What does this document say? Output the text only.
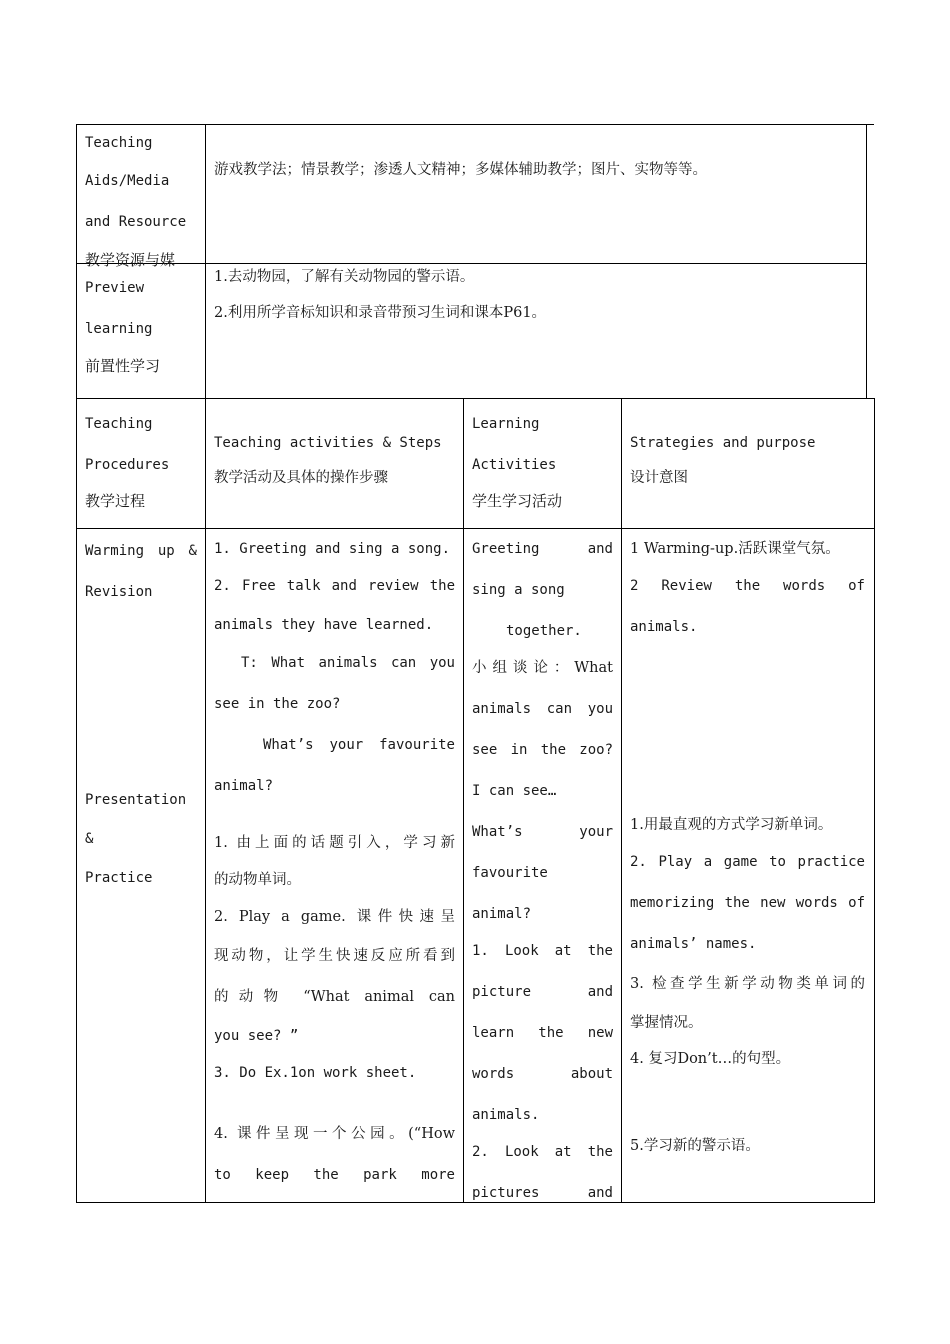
Teaching
Aids/Media
and Resource
教学资源与媒
游戏教学法；情景教学；渗透人文精神；多媒体辅助教学；图片、实物等等。
Preview
learning
前置性学习
1.去动物园，了解有关动物园的警示语。
2.利用所学音标知识和录音带预习生词和课本P61。
Teaching
Procedures
教学过程
Teaching activities & Steps
教学活动及具体的操作步骤
Learning
Activities
学生学习活动
Strategies and purpose
设计意图
Warming up &
Revision
Presentation
&
Practice
1. Greeting and sing a song.
2. Free talk and review the
animals they have learned.
T: What animals can you
see in the zoo?
What’s your favourite
animal?
1. 由上面的话题引入，学习新
的动物单词。
2. Play a game. 课件快速呈
现动物，让学生快速反应所看到
的动物 “What animal can
you see? ”
3. Do Ex.1on work sheet.
4. 课件呈现一个公园。(“How
to keep the park more
Greeting and
sing a song
together.
小组谈论：What
animals can you
see in the zoo?
I can see…
What’s your
favourite
animal?
1. Look at the
picture and
learn the new
words about
animals.
2. Look at the
pictures and
1 Warming-up.活跃课堂气氛。
2 Review the words of
animals.
1.用最直观的方式学习新单词。
2. Play a game to practice
memorizing the new words of
animals’ names.
3. 检查学生新学动物类单词的
掌握情况。
4. 复习Don’t…的句型。
5.学习新的警示语。
